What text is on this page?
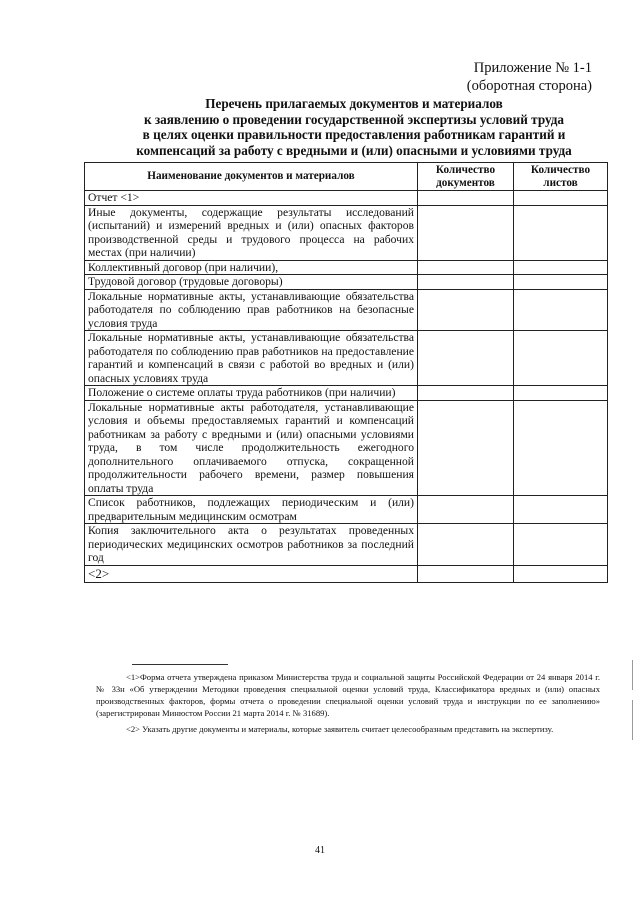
Приложение № 1-1
(оборотная сторона)
Перечень прилагаемых документов и материалов
к заявлению о проведении государственной экспертизы условий труда
в целях оценки правильности предоставления работникам гарантий и
компенсаций за работу с вредными и (или) опасными и условиями труда
Наименование документов и материалов	Количество документов	Количество листов
Отчет <1>		
Иные документы, содержащие результаты исследований (испытаний) и измерений вредных и (или) опасных факторов производственной среды и трудового процесса на рабочих местах (при наличии)		
Коллективный договор (при наличии),		
Трудовой договор (трудовые договоры)		
Локальные нормативные акты, устанавливающие обязательства работодателя по соблюдению прав работников на безопасные условия труда		
Локальные нормативные акты, устанавливающие обязательства работодателя по соблюдению прав работников на предоставление гарантий и компенсаций в связи с работой во вредных и (или) опасных условиях труда		
Положение о системе оплаты труда работников (при наличии)		
Локальные нормативные акты работодателя, устанавливающие условия и объемы предоставляемых гарантий и компенсаций работникам за работу с вредными и (или) опасными условиями труда, в том числе продолжительность ежегодного дополнительного оплачиваемого отпуска, сокращенной продолжительности рабочего времени, размер повышения оплаты труда		
Список работников, подлежащих периодическим и (или) предварительным медицинским осмотрам		
Копия заключительного акта о результатах проведенных периодических медицинских осмотров работников за последний год		
<2>		

<1>Форма отчета утверждена приказом Министерства труда и социальной защиты Российской Федерации от 24 января 2014 г. № 33н «Об утверждении Методики проведения специальной оценки условий труда, Классификатора вредных и (или) опасных производственных факторов, формы отчета о проведении специальной оценки условий труда и инструкции по ее заполнению» (зарегистрирован Минюстом России 21 марта 2014 г. № 31689).

<2> Указать другие документы и материалы, которые заявитель считает целесообразным представить на экспертизу.

41
